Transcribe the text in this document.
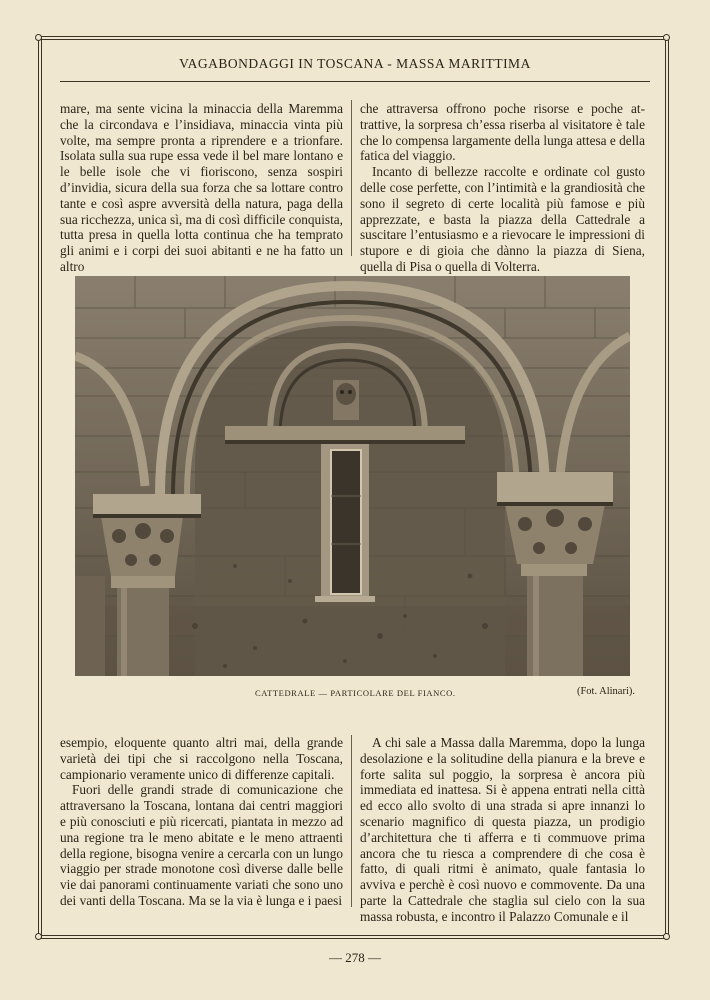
VAGABONDAGGI IN TOSCANA - MASSA MARITTIMA

mare, ma sente vicina la minaccia della Maremma che la circondava e l’insidiava, minaccia vinta più volte, ma sempre pronta a riprendere e a trionfare. Isolata sulla sua rupe essa vede il bel mare lontano e le belle isole che vi fioriscono, senza sospiri d’invidia, sicura della sua forza che sa lottare contro tante e così aspre avversità della natura, paga della sua ricchezza, unica sì, ma di così difficile conquista, tutta presa in quella lotta continua che ha temprato gli animi e i corpi dei suoi abitanti e ne ha fatto un altro

che attraversa offrono poche risorse e poche attrattive, la sorpresa ch’essa riserba al visitatore è tale che lo compensa largamente della lunga attesa e della fatica del viaggio.

Incanto di bellezze raccolte e ordinate col gusto delle cose perfette, con l’intimità e la grandiosità che sono il segreto di certe località più famose e più apprezzate, e basta la piazza della Cattedrale a suscitare l’entusiasmo e a rievocare le impressioni di stupore e di gioia che dànno la piazza di Siena, quella di Pisa o quella di Volterra.

CATTEDRALE — PARTICOLARE DEL FIANCO.	(Fot. Alinari).

esempio, eloquente quanto altri mai, della grande varietà dei tipi che si raccolgono nella Toscana, campionario veramente unico di differenze capitali.

Fuori delle grandi strade di comunicazione che attraversano la Toscana, lontana dai centri maggiori e più conosciuti e più ricercati, piantata in mezzo ad una regione tra le meno abitate e le meno attraenti della regione, bisogna venire a cercarla con un lungo viaggio per strade monotone così diverse dalle belle vie dai panorami continuamente variati che sono uno dei vanti della Toscana. Ma se la via è lunga e i paesi

A chi sale a Massa dalla Maremma, dopo la lunga desolazione e la solitudine della pianura e la breve e forte salita sul poggio, la sorpresa è ancora più immediata ed inattesa. Si è appena entrati nella città ed ecco allo svolto di una strada si apre innanzi lo scenario magnifico di questa piazza, un prodigio d’architettura che ti afferra e ti commuove prima ancora che tu riesca a comprendere di che cosa è fatto, di quali ritmi è animato, quale fantasia lo avviva e perchè è così nuovo e commovente. Da una parte la Cattedrale che staglia sul cielo con la sua massa robusta, e incontro il Palazzo Comunale e il

— 278 —
